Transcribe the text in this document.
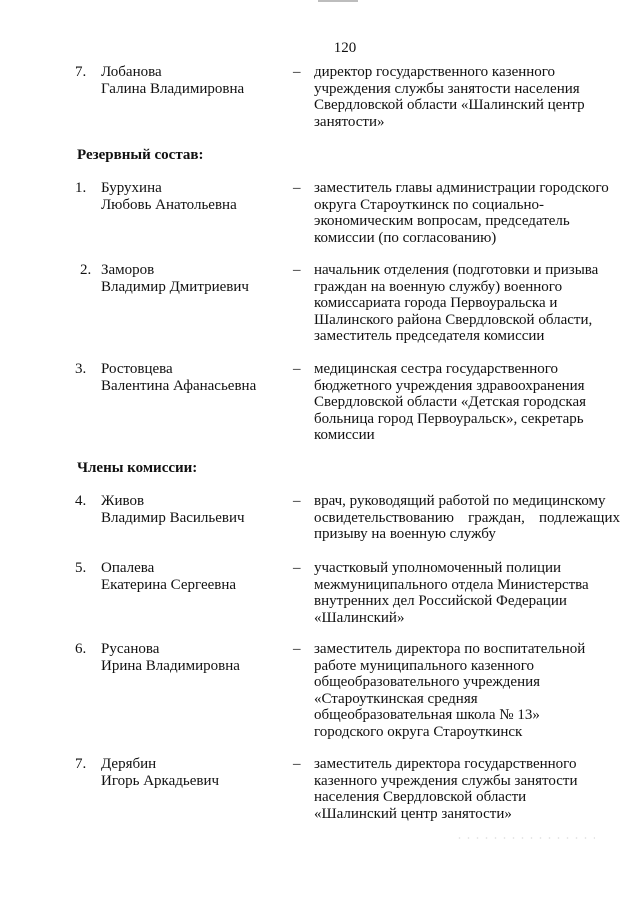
120
7. Лобанова
Галина Владимировна
– директор государственного казенного
учреждения службы занятости населения
Свердловской области «Шалинский центр
занятости»
Резервный состав:
1. Бурухина
Любовь Анатольевна
– заместитель главы администрации городского
округа Староуткинск по социально-
экономическим вопросам, председатель
комиссии (по согласованию)
2. Заморов
Владимир Дмитриевич
– начальник отделения (подготовки и призыва
граждан на военную службу) военного
комиссариата города Первоуральска и
Шалинского района Свердловской области,
заместитель председателя комиссии
3. Ростовцева
Валентина Афанасьевна
– медицинская сестра государственного
бюджетного учреждения здравоохранения
Свердловской области «Детская городская
больница город Первоуральск», секретарь
комиссии
Члены комиссии:
4. Живов
Владимир Васильевич
– врач, руководящий работой по медицинскому
освидетельствованию граждан, подлежащих
призыву на военную службу
5. Опалева
Екатерина Сергеевна
– участковый уполномоченный полиции
межмуниципального отдела Министерства
внутренних дел Российской Федерации
«Шалинский»
6. Русанова
Ирина Владимировна
– заместитель директора по воспитательной
работе муниципального казенного
общеобразовательного учреждения
«Староуткинская средняя
общеобразовательная школа № 13»
городского округа Староуткинск
7. Дерябин
Игорь Аркадьевич
– заместитель директора государственного
казенного учреждения службы занятости
населения Свердловской области
«Шалинский центр занятости»
